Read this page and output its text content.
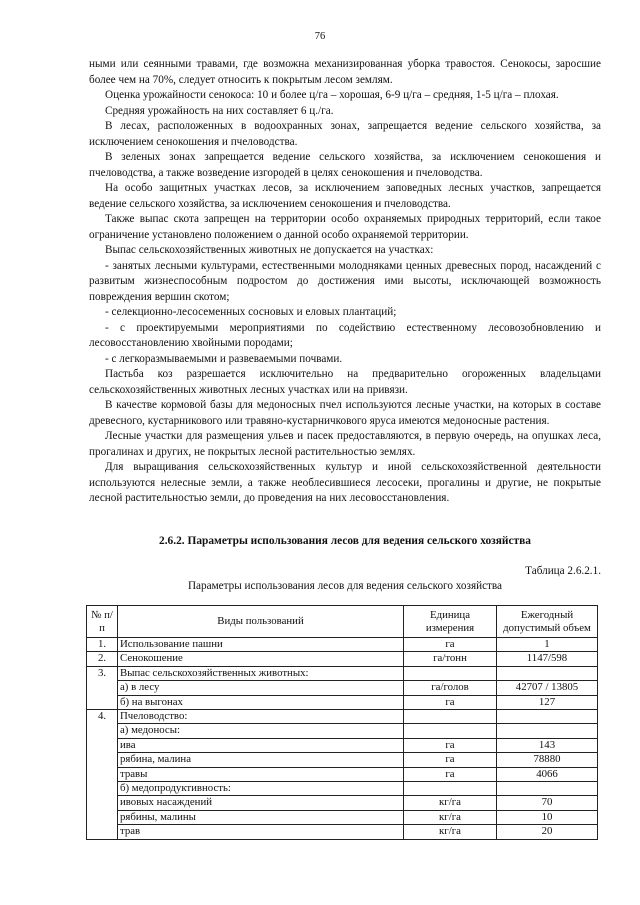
76

ными или сеянными травами, где возможна механизированная уборка травостоя. Сенокосы, заросшие более чем на 70%, следует относить к покрытым лесом землям.

Оценка урожайности сенокоса: 10 и более ц/га – хорошая, 6-9 ц/га – средняя, 1-5 ц/га – плохая.

Средняя урожайность на них составляет 6 ц./га.

В лесах, расположенных в водоохранных зонах, запрещается ведение сельского хозяйства, за исключением сенокошения и пчеловодства.

В зеленых зонах запрещается ведение сельского хозяйства, за исключением сенокошения и пчеловодства, а также возведение изгородей в целях сенокошения и пчеловодства.

На особо защитных участках лесов, за исключением заповедных лесных участков, запрещается ведение сельского хозяйства, за исключением сенокошения и пчеловодства.

Также выпас скота запрещен на территории особо охраняемых природных территорий, если такое ограничение установлено положением о данной особо охраняемой территории.

Выпас сельскохозяйственных животных не допускается на участках:

- занятых лесными культурами, естественными молодняками ценных древесных пород, насаждений с развитым жизнеспособным подростом до достижения ими высоты, исключающей возможность повреждения вершин скотом;

- селекционно-лесосеменных сосновых и еловых плантаций;

- с проектируемыми мероприятиями по содействию естественному лесовозобновлению и лесовосстановлению хвойными породами;

- с легкоразмываемыми и развеваемыми почвами.

Пастьба коз разрешается исключительно на предварительно огороженных владельцами сельскохозяйственных животных лесных участках или на привязи.

В качестве кормовой базы для медоносных пчел используются лесные участки, на которых в составе древесного, кустарникового или травяно-кустарничкового яруса имеются медоносные растения.

Лесные участки для размещения ульев и пасек предоставляются, в первую очередь, на опушках леса, прогалинах и других, не покрытых лесной растительностью землях.

Для выращивания сельскохозяйственных культур и иной сельскохозяйственной деятельности используются нелесные земли, а также необлесившиеся лесосеки, прогалины и другие, не покрытые лесной растительностью земли, до проведения на них лесовосстановления.

2.6.2. Параметры использования лесов для ведения сельского хозяйства
Таблица 2.6.2.1.
Параметры использования лесов для ведения сельского хозяйства
№ п/п	Виды пользований	Единица измерения	Ежегодный допустимый объем
1.	Использование пашни	га	1
2.	Сенокошение	га/тонн	1147/598
3.	Выпас сельскохозяйственных животных:		
	а) в лесу	га/голов	42707 / 13805
	б) на выгонах	га	127
4.	Пчеловодство:		
	а) медоносы:		
	ива	га	143
	рябина, малина	га	78880
	травы	га	4066
	б) медопродуктивность:		
	ивовых насаждений	кг/га	70
	рябины, малины	кг/га	10
	трав	кг/га	20
